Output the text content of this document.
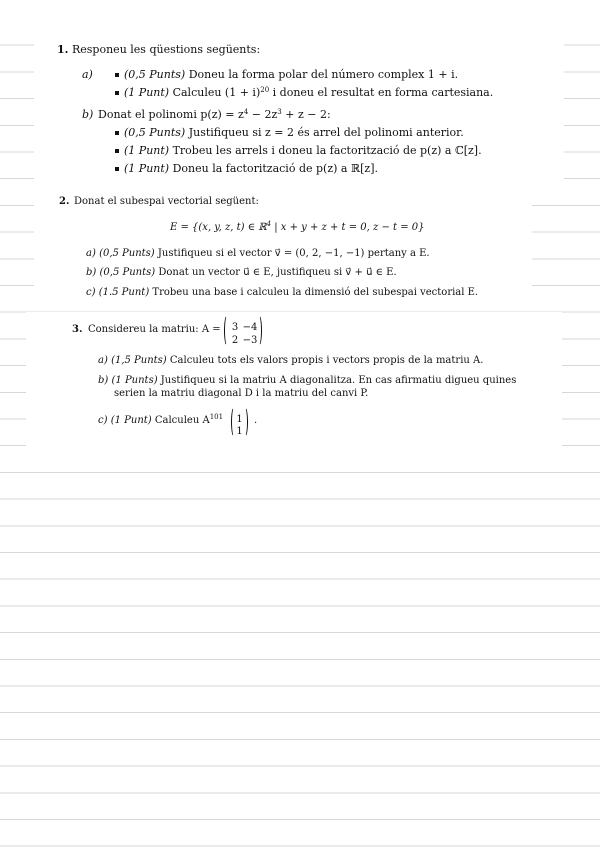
1. Responeu les qüestions següents:
a)	(0,5 Punts) Doneu la forma polar del número complex 1 + i.
(1 Punt) Calculeu $(1 + i)^{20}$ i doneu el resultat en forma cartesiana.
b) Donat el polinomi $p(z) = z^4 - 2z^3 + z - 2$:
(0,5 Punts) Justifiqueu si z = 2 és arrel del polinomi anterior.
(1 Punt) Trobeu les arrels i doneu la factorització de p(z) a ℂ[z].
(1 Punt) Doneu la factorització de p(z) a ℝ[z].
2. Donat el subespai vectorial següent:
E = {(x, y, z, t) ∈ ℝ$^4$ | x + y + z + t = 0, z − t = 0}
a) (0,5 Punts) Justifiqueu si el vector v⃗ = (0, 2, −1, −1) pertany a E.
b) (0,5 Punts) Donat un vector u⃗ ∈ E, justifiqueu si v⃗ + u⃗ ∈ E.
c) (1.5 Punt) Trobeu una base i calculeu la dimensió del subespai vectorial E.
3. Considereu la matriu: A =	3 −4
2 −3
a) (1,5 Punts) Calculeu tots els valors propis i vectors propis de la matriu A.
b) (1 Punts) Justifiqueu si la matriu A diagonalitza. En cas afirmatiu digueu quines
serien la matriu diagonal D i la matriu del canvi P.
c) (1 Punt) Calculeu $A^{101}$ 1
1
.
